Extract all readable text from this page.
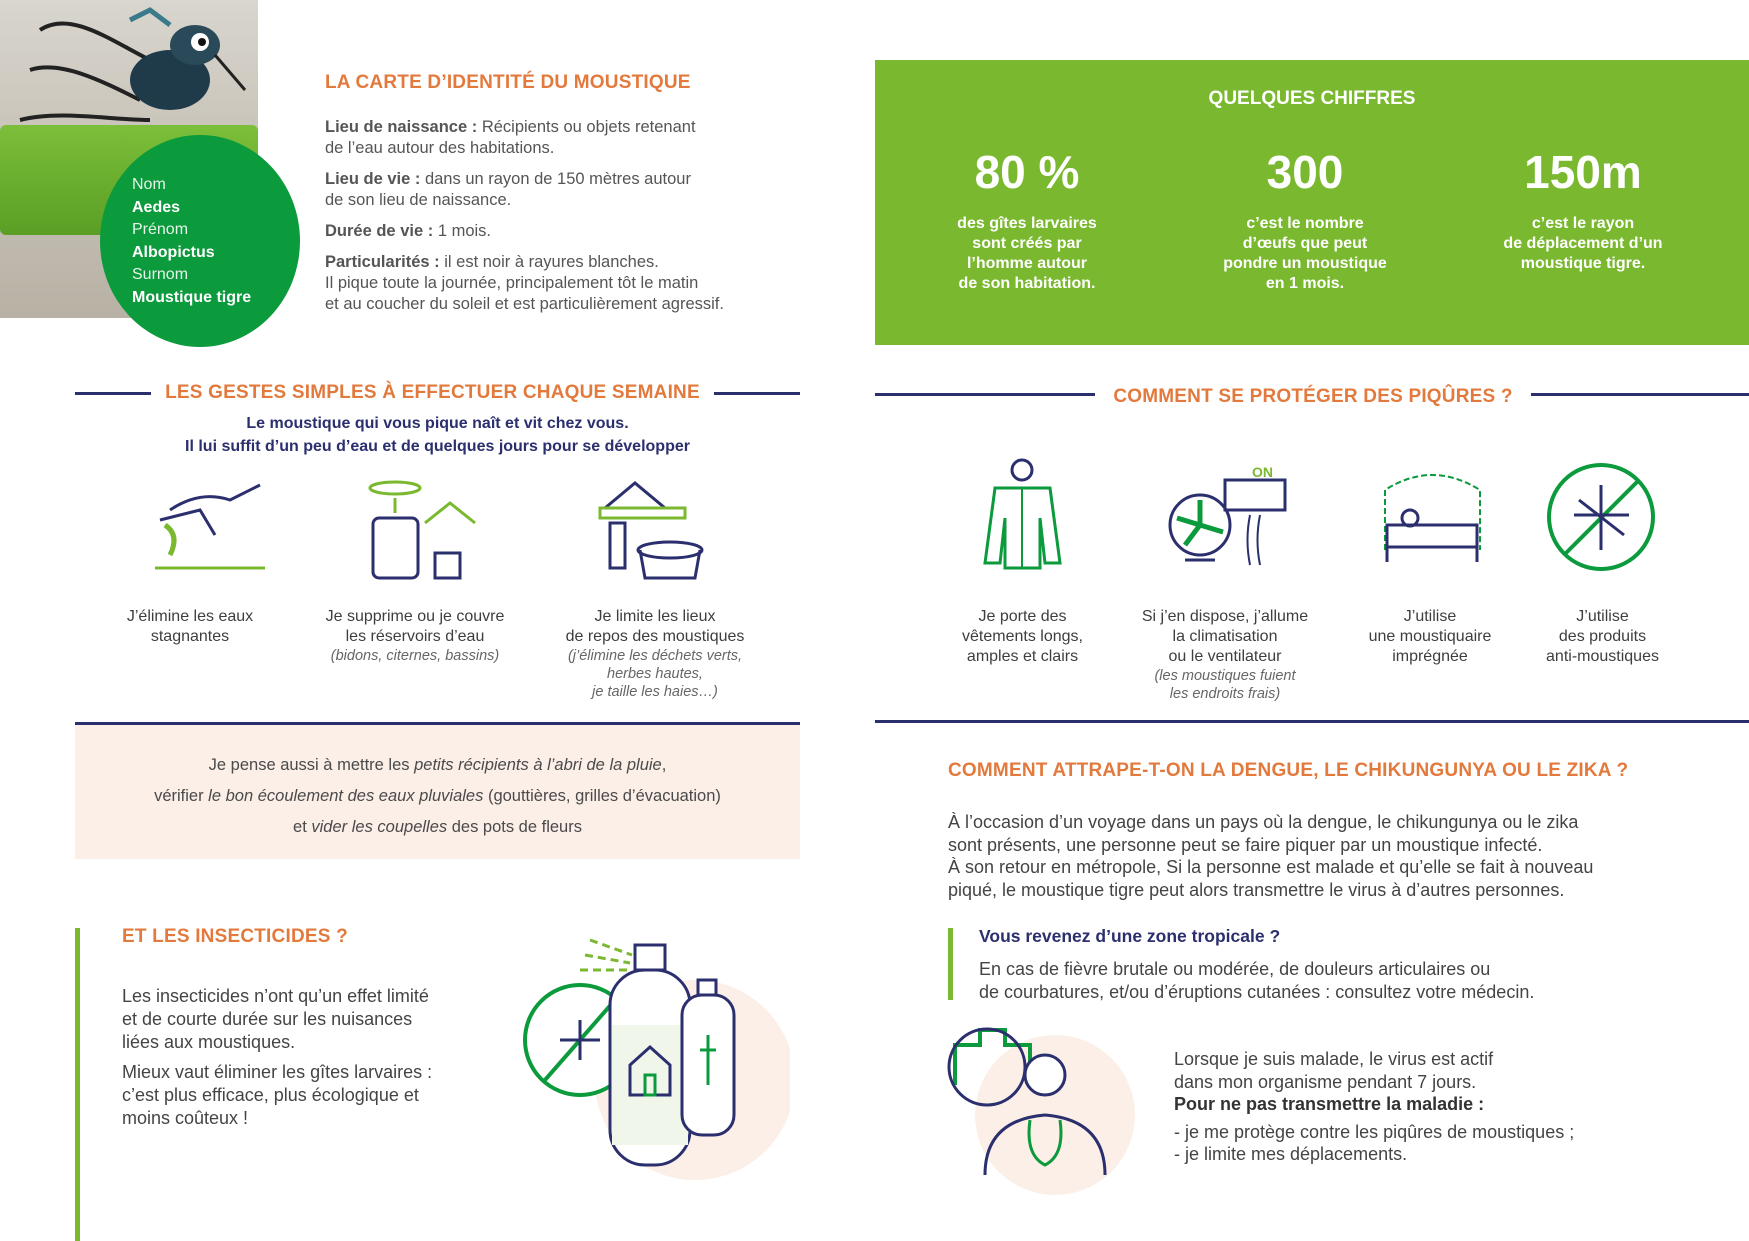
Nom
Aedes
Prénom
Albopictus
Surnom
Moustique tigre
LA CARTE D’IDENTITÉ DU MOUSTIQUE
Lieu de naissance : Récipients ou objets retenant
de l’eau autour des habitations.
Lieu de vie : dans un rayon de 150 mètres autour
de son lieu de naissance.
Durée de vie : 1 mois.
Particularités : il est noir à rayures blanches.
Il pique toute la journée, principalement tôt le matin
et au coucher du soleil et est particulièrement agressif.
QUELQUES CHIFFRES
80 %
des gîtes larvaires
sont créés par
l’homme autour
de son habitation.
300
c’est le nombre
d’œufs que peut
pondre un moustique
en 1 mois.
150m
c’est le rayon
de déplacement d’un
moustique tigre.
LES GESTES SIMPLES À EFFECTUER CHAQUE SEMAINE
Le moustique qui vous pique naît et vit chez vous.
Il lui suffit d’un peu d’eau et de quelques jours pour se développer
J’élimine les eaux
stagnantes
Je supprime ou je couvre
les réservoirs d’eau
(bidons, citernes, bassins)
Je limite les lieux
de repos des moustiques
(j’élimine les déchets verts,
herbes hautes,
je taille les haies…)

Je pense aussi à mettre les petits récipients à l’abri de la pluie,

vérifier le bon écoulement des eaux pluviales (gouttières, grilles d’évacuation)

et vider les coupelles des pots de fleurs

ET LES INSECTICIDES ?
Les insecticides n’ont qu’un effet limité
et de courte durée sur les nuisances
liées aux moustiques.
Mieux vaut éliminer les gîtes larvaires :
c’est plus efficace, plus écologique et
moins coûteux !
COMMENT SE PROTÉGER DES PIQÛRES ?
ON
Je porte des
vêtements longs,
amples et clairs
Si j’en dispose, j’allume
la climatisation
ou le ventilateur
(les moustiques fuient
les endroits frais)
J’utilise
une moustiquaire
imprégnée
J’utilise
des produits
anti-moustiques
COMMENT ATTRAPE-T-ON LA DENGUE, LE CHIKUNGUNYA OU LE ZIKA ?
À l’occasion d’un voyage dans un pays où la dengue, le chikungunya ou le zika
sont présents, une personne peut se faire piquer par un moustique infecté.
À son retour en métropole, Si la personne est malade et qu’elle se fait à nouveau
piqué, le moustique tigre peut alors transmettre le virus à d’autres personnes.
Vous revenez d’une zone tropicale ?
En cas de fièvre brutale ou modérée, de douleurs articulaires ou
de courbatures, et/ou d’éruptions cutanées : consultez votre médecin.
Lorsque je suis malade, le virus est actif
dans mon organisme pendant 7 jours.
Pour ne pas transmettre la maladie :
- je me protège contre les piqûres de moustiques ;
- je limite mes déplacements.
